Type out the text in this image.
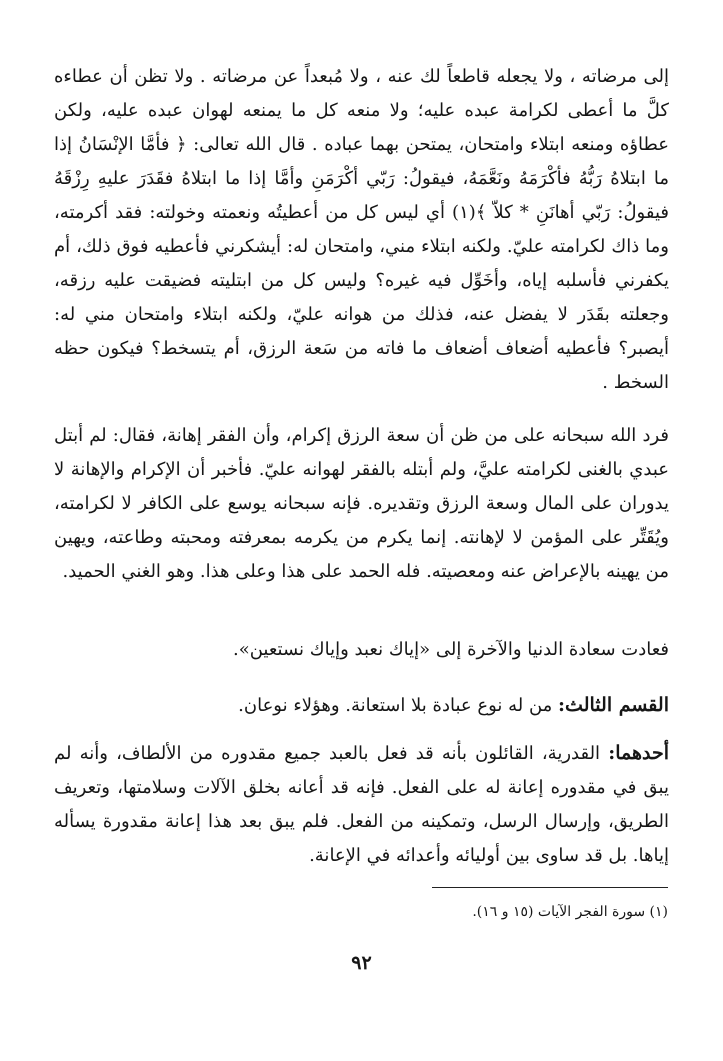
إلى مرضاته ، ولا يجعله قاطعاً لك عنه ، ولا مُبعداً عن مرضاته . ولا تظن أن عطاءه كلَّ ما أعطى لكرامة عبده عليه؛ ولا منعه كل ما يمنعه لهوان عبده عليه، ولكن عطاؤه ومنعه ابتلاء وامتحان، يمتحن بهما عباده . قال الله تعالى: ﴿ فأمَّا الإنْسَانُ إذا ما ابتلاهُ رَبُّهُ فأكْرَمَهُ ونَعَّمَهُ، فيقولُ: رَبّي أكْرَمَنِ وأمَّا إذا ما ابتلاهُ فقَدَرَ عليهِ رِزْقَهُ فيقولُ: رَبّي أهانَنِ * كلاّ ﴾(١) أي ليس كل من أعطيتُه ونعمته وخولته: فقد أكرمته، وما ذاك لكرامته عليّ. ولكنه ابتلاء مني، وامتحان له: أيشكرني فأعطيه فوق ذلك، أم يكفرني فأسلبه إياه، وأخَوِّل فيه غيره؟ وليس كل من ابتليته فضيقت عليه رزقه، وجعلته بقَدَر لا يفضل عنه، فذلك من هوانه عليّ، ولكنه ابتلاء وامتحان مني له: أيصبر؟ فأعطيه أضعاف أضعاف ما فاته من سَعة الرزق، أم يتسخط؟ فيكون حظه السخط .

فرد الله سبحانه على من ظن أن سعة الرزق إكرام، وأن الفقر إهانة، فقال: لم أبتل عبدي بالغنى لكرامته عليَّ، ولم أبتله بالفقر لهوانه عليّ. فأخبر أن الإكرام والإهانة لا يدوران على المال وسعة الرزق وتقديره. فإنه سبحانه يوسع على الكافر لا لكرامته، ويُقَتِّر على المؤمن لا لإهانته. إنما يكرم من يكرمه بمعرفته ومحبته وطاعته، ويهين من يهينه بالإعراض عنه ومعصيته. فله الحمد على هذا وعلى هذا. وهو الغني الحميد.

فعادت سعادة الدنيا والآخرة إلى «إياك نعبد وإياك نستعين».

القسم الثالث: من له نوع عبادة بلا استعانة. وهؤلاء نوعان.

أحدهما: القدرية، القائلون بأنه قد فعل بالعبد جميع مقدوره من الألطاف، وأنه لم يبق في مقدوره إعانة له على الفعل. فإنه قد أعانه بخلق الآلات وسلامتها، وتعريف الطريق، وإرسال الرسل، وتمكينه من الفعل. فلم يبق بعد هذا إعانة مقدورة يسأله إياها. بل قد ساوى بين أوليائه وأعدائه في الإعانة.

(١) سورة الفجر الآيات (١٥ و ١٦).

٩٢
